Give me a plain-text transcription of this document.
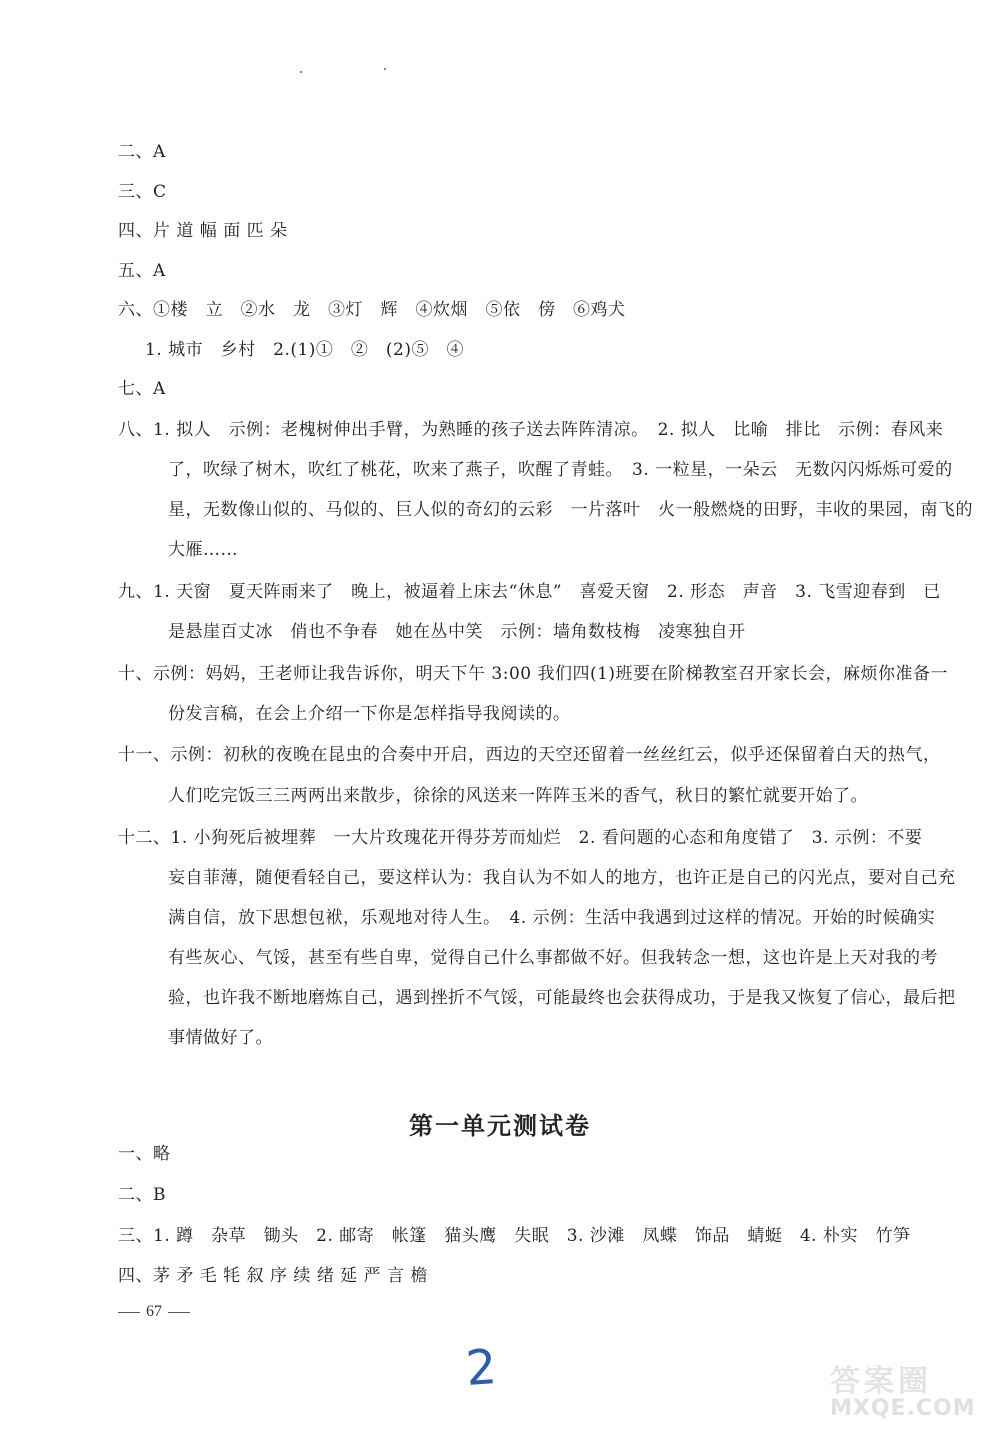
二、A
三、C
四、片 道 幅 面 匹 朵
五、A
六、①楼　立　②水　龙　③灯　辉　④炊烟　⑤依　傍　⑥鸡犬
1. 城市　乡村　2.(1)①　②　(2)⑤　④
七、A
八、1. 拟人　示例：老槐树伸出手臂，为熟睡的孩子送去阵阵清凉。　2. 拟人　比喻　排比　示例：春风来
了，吹绿了树木，吹红了桃花，吹来了燕子，吹醒了青蛙。　3. 一粒星，一朵云　无数闪闪烁烁可爱的
星，无数像山似的、马似的、巨人似的奇幻的云彩　一片落叶　火一般燃烧的田野，丰收的果园，南飞的
大雁……
九、1. 天窗　夏天阵雨来了　晚上，被逼着上床去“休息”　喜爱天窗　2. 形态　声音　3. 飞雪迎春到　已
是悬崖百丈冰　俏也不争春　她在丛中笑　示例：墙角数枝梅　凌寒独自开
十、示例：妈妈，王老师让我告诉你，明天下午 3:00 我们四(1)班要在阶梯教室召开家长会，麻烦你准备一
份发言稿，在会上介绍一下你是怎样指导我阅读的。
十一、示例：初秋的夜晚在昆虫的合奏中开启，西边的天空还留着一丝丝红云，似乎还保留着白天的热气，
人们吃完饭三三两两出来散步，徐徐的风送来一阵阵玉米的香气，秋日的繁忙就要开始了。
十二、1. 小狗死后被埋葬　一大片玫瑰花开得芬芳而灿烂　2. 看问题的心态和角度错了　3. 示例：不要
妄自菲薄，随便看轻自己，要这样认为：我自认为不如人的地方，也许正是自己的闪光点，要对自己充
满自信，放下思想包袱，乐观地对待人生。　4. 示例：生活中我遇到过这样的情况。开始的时候确实
有些灰心、气馁，甚至有些自卑，觉得自己什么事都做不好。但我转念一想，这也许是上天对我的考
验，也许我不断地磨炼自己，遇到挫折不气馁，可能最终也会获得成功，于是我又恢复了信心，最后把
事情做好了。
第一单元测试卷
一、略
二、B
三、1. 蹲　杂草　锄头　2. 邮寄　帐篷　猫头鹰　失眠　3. 沙滩　凤蝶　饰品　蜻蜓　4. 朴实　竹笋
四、茅 矛 毛 牦 叙 序 续 绪 延 严 言 檐
67
2	答案圈
MXQE.COM
